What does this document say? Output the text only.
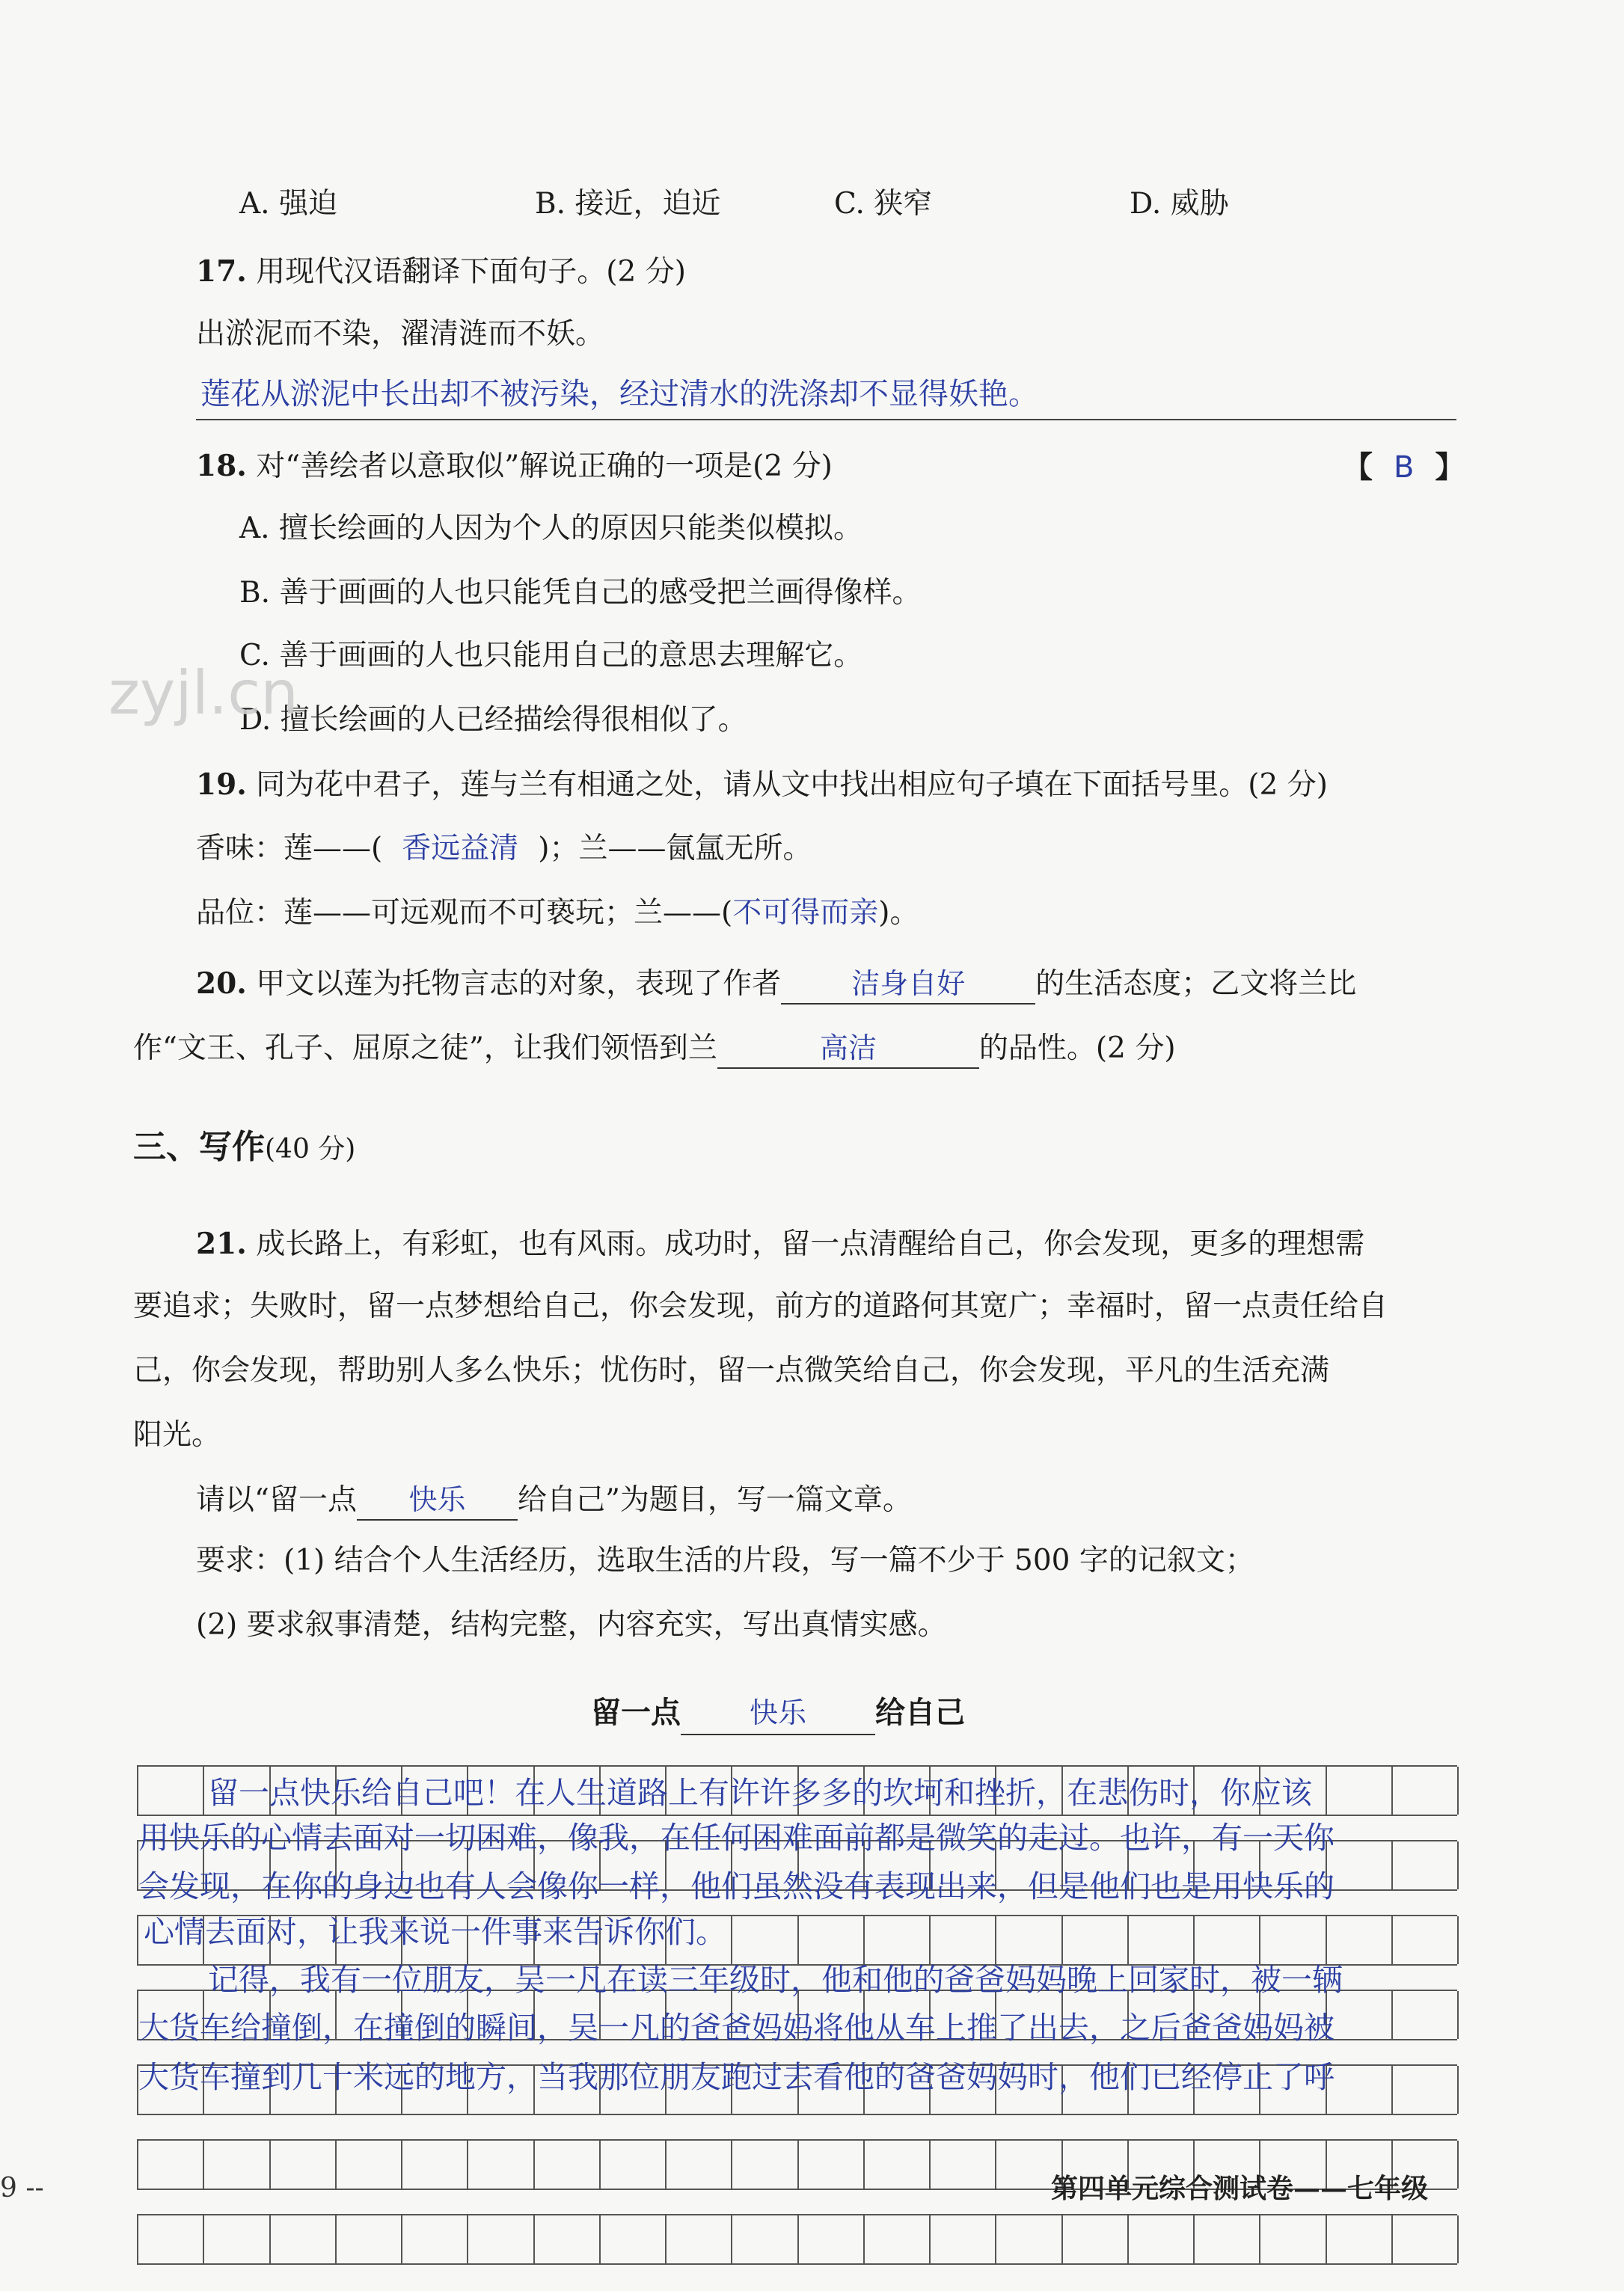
A. 强迫	B. 接近，迫近	C. 狭窄	D. 威胁
17. 用现代汉语翻译下面句子。(2 分)
出淤泥而不染，濯清涟而不妖。
莲花从淤泥中长出却不被污染，经过清水的洗涤却不显得妖艳。
18. 对“善绘者以意取似”解说正确的一项是(2 分)	【 B 】
A. 擅长绘画的人因为个人的原因只能类似模拟。
B. 善于画画的人也只能凭自己的感受把兰画得像样。
C. 善于画画的人也只能用自己的意思去理解它。
D. 擅长绘画的人已经描绘得很相似了。
zyjl.cn
19. 同为花中君子，莲与兰有相通之处，请从文中找出相应句子填在下面括号里。(2 分)
香味：莲——( 香远益清 )；兰——氤氲无所。
品位：莲——可远观而不可亵玩；兰——(不可得而亲)。
20. 甲文以莲为托物言志的对象，表现了作者 洁身自好 的生活态度；乙文将兰比
作“文王、孔子、屈原之徒”，让我们领悟到兰	高洁	的品性。(2 分)
三、写作(40 分)
21. 成长路上，有彩虹，也有风雨。成功时，留一点清醒给自己，你会发现，更多的理想需
要追求；失败时，留一点梦想给自己，你会发现，前方的道路何其宽广；幸福时，留一点责任给自
己，你会发现，帮助别人多么快乐；忧伤时，留一点微笑给自己，你会发现，平凡的生活充满
阳光。
请以“留一点 快乐 给自己”为题目，写一篇文章。
要求：(1) 结合个人生活经历，选取生活的片段，写一篇不少于 500 字的记叙文；
(2) 要求叙事清楚，结构完整，内容充实，写出真情实感。
留一点 快乐 给自己
留一点快乐给自己吧！在人生道路上有许许多多的坎坷和挫折，在悲伤时，你应该
用快乐的心情去面对一切困难，像我，在任何困难面前都是微笑的走过。也许，有一天你
会发现，在你的身边也有人会像你一样，他们虽然没有表现出来，但是他们也是用快乐的
心情去面对，让我来说一件事来告诉你们。
记得，我有一位朋友，吴一凡在读三年级时，他和他的爸爸妈妈晚上回家时，被一辆
大货车给撞倒，在撞倒的瞬间，吴一凡的爸爸妈妈将他从车上推了出去，之后爸爸妈妈被
大货车撞到几十米远的地方，当我那位朋友跑过去看他的爸爸妈妈时，他们已经停止了呼
9 --	第四单元综合测试卷——七年级
